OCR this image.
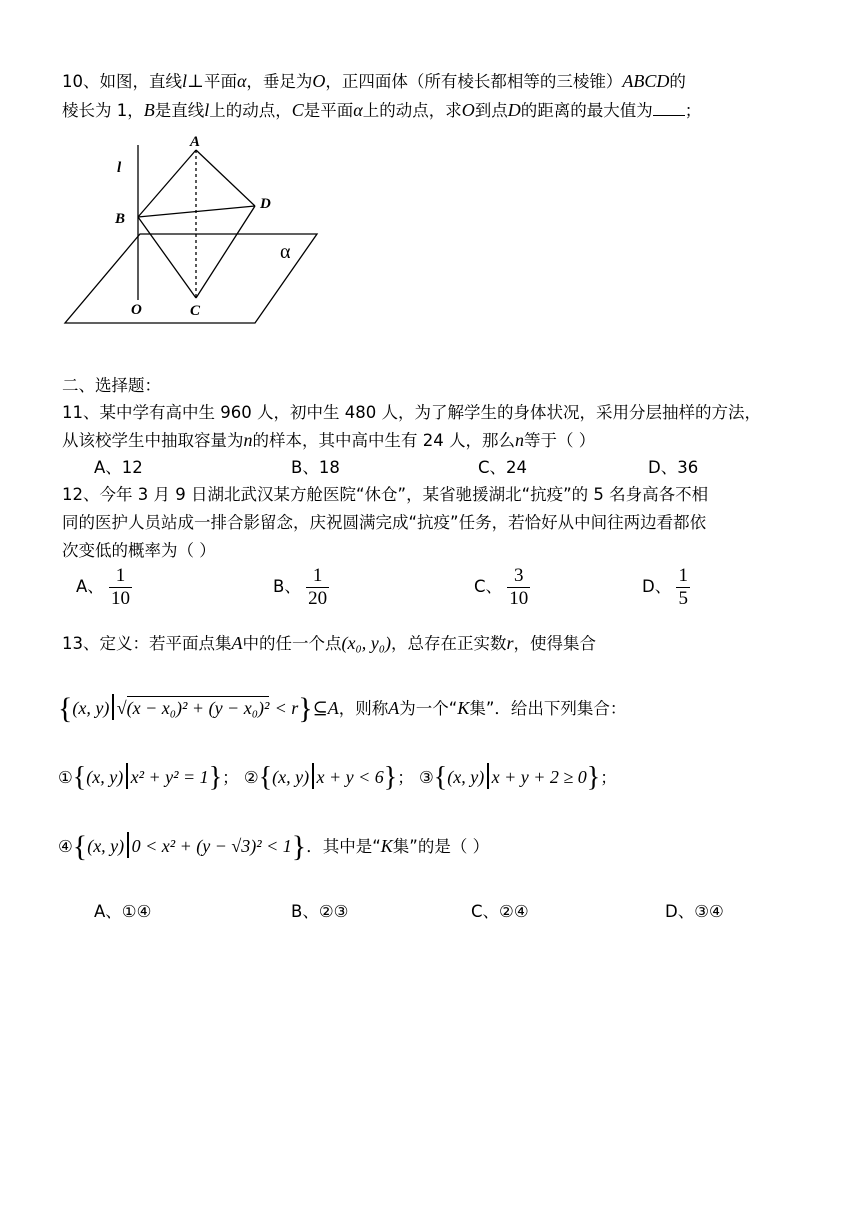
10、如图，直线l⊥平面α，垂足为O，正四面体（所有棱长都相等的三棱锥）ABCD的
棱长为 1，B是直线l上的动点，C是平面α上的动点，求O到点D的距离的最大值为 ；
l
A
B
D
O	C
α
二、选择题：
11、某中学有高中生 960 人，初中生 480 人，为了解学生的身体状况，采用分层抽样的方法，
从该校学生中抽取容量为n的样本，其中高中生有 24 人，那么n等于（ ）
A、12	B、18	C、24	D、36
12、今年 3 月 9 日湖北武汉某方舱医院“休仓”，某省驰援湖北“抗疫”的 5 名身高各不相
同的医护人员站成一排合影留念，庆祝圆满完成“抗疫”任务，若恰好从中间往两边看都依
次变低的概率为（ ）
A、 $\frac{1}{10}$	B、 $\frac{1}{20}$	C、 $\frac{3}{10}$	D、 $\frac{1}{5}$
13、定义：若平面点集A中的任一个点(x₀, y₀)，总存在正实数r，使得集合
{(x, y) √(x − x₀)² + (y − x₀)² < r}⊆A，则称A为一个“K集”．给出下列集合：
①{(x, y) x² + y² = 1}； ②{(x, y) x + y < 6}； ③{(x, y) x + y + 2 ≥ 0}；
④{(x, y) 0 < x² + (y − √3)² < 1}．其中是“K集”的是（ ）
A、①④	B、②③	C、②④	D、③④
